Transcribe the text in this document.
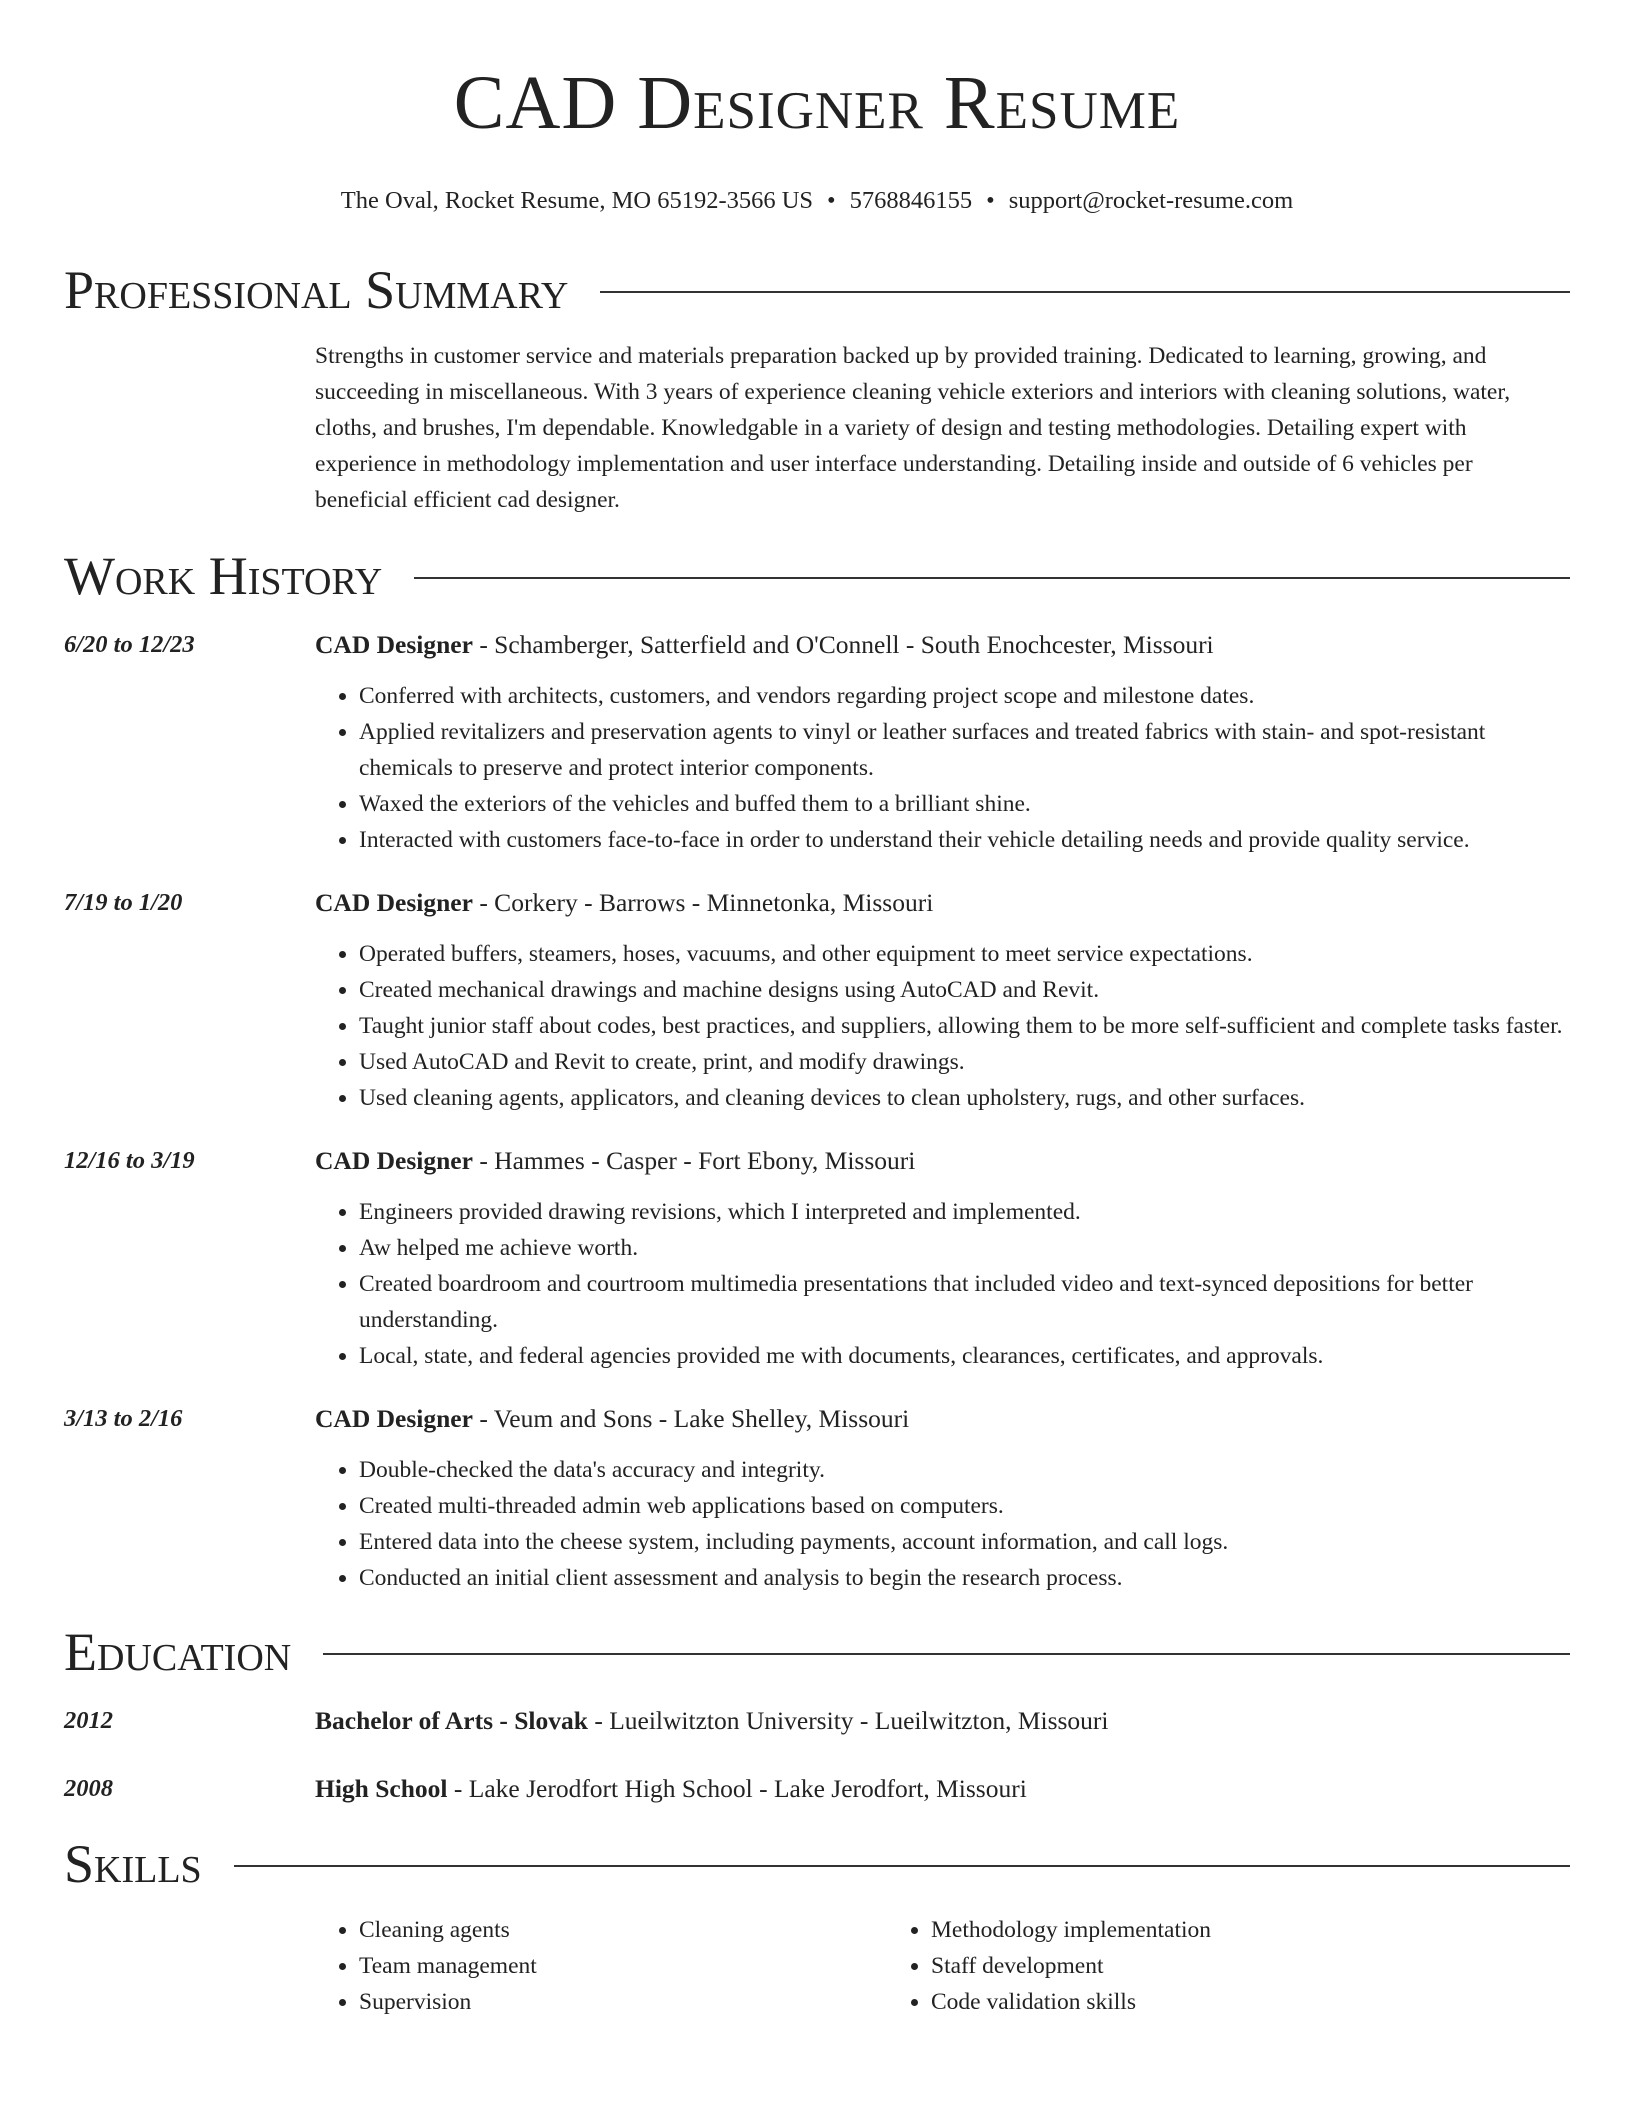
CAD Designer Resume
The Oval, Rocket Resume, MO 65192-3566 US • 5768846155 • support@rocket-resume.com
Professional Summary
Strengths in customer service and materials preparation backed up by provided training. Dedicated to learning, growing, and succeeding in miscellaneous. With 3 years of experience cleaning vehicle exteriors and interiors with cleaning solutions, water, cloths, and brushes, I'm dependable. Knowledgable in a variety of design and testing methodologies. Detailing expert with experience in methodology implementation and user interface understanding. Detailing inside and outside of 6 vehicles per beneficial efficient cad designer.
Work History
6/20 to 12/23	CAD Designer - Schamberger, Satterfield and O'Connell - South Enochcester, Missouri
• Conferred with architects, customers, and vendors regarding project scope and milestone dates.
• Applied revitalizers and preservation agents to vinyl or leather surfaces and treated fabrics with stain- and spot-resistant chemicals to preserve and protect interior components.
• Waxed the exteriors of the vehicles and buffed them to a brilliant shine.
• Interacted with customers face-to-face in order to understand their vehicle detailing needs and provide quality service.
7/19 to 1/20	CAD Designer - Corkery - Barrows - Minnetonka, Missouri
• Operated buffers, steamers, hoses, vacuums, and other equipment to meet service expectations.
• Created mechanical drawings and machine designs using AutoCAD and Revit.
• Taught junior staff about codes, best practices, and suppliers, allowing them to be more self-sufficient and complete tasks faster.
• Used AutoCAD and Revit to create, print, and modify drawings.
• Used cleaning agents, applicators, and cleaning devices to clean upholstery, rugs, and other surfaces.
12/16 to 3/19	CAD Designer - Hammes - Casper - Fort Ebony, Missouri
• Engineers provided drawing revisions, which I interpreted and implemented.
• Aw helped me achieve worth.
• Created boardroom and courtroom multimedia presentations that included video and text-synced depositions for better understanding.
• Local, state, and federal agencies provided me with documents, clearances, certificates, and approvals.
3/13 to 2/16	CAD Designer - Veum and Sons - Lake Shelley, Missouri
• Double-checked the data's accuracy and integrity.
• Created multi-threaded admin web applications based on computers.
• Entered data into the cheese system, including payments, account information, and call logs.
• Conducted an initial client assessment and analysis to begin the research process.
Education
2012	Bachelor of Arts - Slovak - Lueilwitzton University - Lueilwitzton, Missouri
2008	High School - Lake Jerodfort High School - Lake Jerodfort, Missouri
Skills
• Cleaning agents
• Team management
• Supervision
• Methodology implementation
• Staff development
• Code validation skills
